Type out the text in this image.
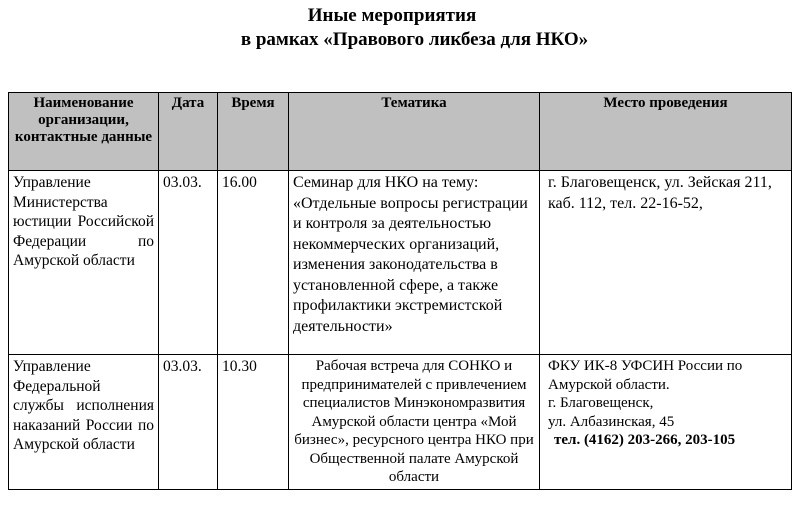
Иные мероприятия
в рамках «Правового ликбеза для НКО»
Наименование организации, контактные данные	Дата	Время	Тематика	Место проведения
Управление Министерства юстиции Российской Федерации по Амурской области	03.03.	16.00	Семинар для НКО на тему: «Отдельные вопросы регистрации и контроля за деятельностью некоммерческих организаций, изменения законодательства в установленной сфере, а также профилактики экстремистской деятельности»	г. Благовещенск, ул. Зейская 211, каб. 112, тел. 22-16-52,
Управление Федеральной службы исполнения наказаний России по Амурской области	03.03.	10.30	Рабочая встреча для СОНКО и предпринимателей с привлечением специалистов Минэкономразвития Амурской области центра «Мой бизнес», ресурсного центра НКО при Общественной палате Амурской области	ФКУ ИК-8 УФСИН России по Амурской области.
г. Благовещенск,
ул. Албазинская, 45
тел. (4162) 203-266, 203-105
